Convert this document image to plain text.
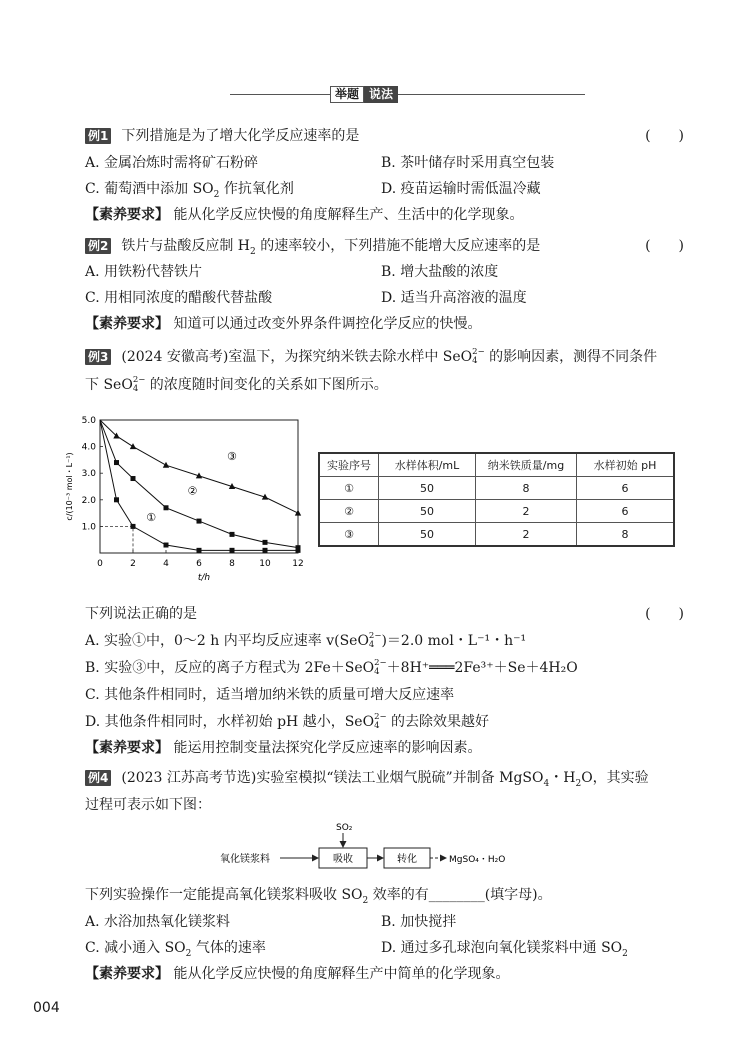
举题 说法
例1 下列措施是为了增大化学反应速率的是	(　　)
A. 金属冶炼时需将矿石粉碎	B. 茶叶储存时采用真空包装
C. 葡萄酒中添加 $SO_2$ 作抗氧化剂	D. 疫苗运输时需低温冷藏
【素养要求】 能从化学反应快慢的角度解释生产、生活中的化学现象。
例2 铁片与盐酸反应制 $H_2$ 的速率较小，下列措施不能增大反应速率的是	(　　)
A. 用铁粉代替铁片	B. 增大盐酸的浓度
C. 用相同浓度的醋酸代替盐酸	D. 适当升高溶液的温度
【素养要求】 知道可以通过改变外界条件调控化学反应的快慢。
例3 (2024 安徽高考)室温下，为探究纳米铁去除水样中 SeO2−
4 的影响因素，测得不同条件
下 SeO2−
4 的浓度随时间变化的关系如下图所示。
0	2	4	6	8	10 12
1.0
2.0
3.0
4.0
5.0
t/h
c/(10⁻³ mol・L⁻¹)	①
②
③
实验序号	水样体积/mL	纳米铁质量/mg	水样初始 pH
①	50	8	6
②	50	2	6
③	50	2	8
下列说法正确的是	(　　)
A. 实验①中，0～2 h 内平均反应速率 v(SeO2−
4 )＝2.0 mol・L⁻¹・h⁻¹
B. 实验③中，反应的离子方程式为 2Fe＋SeO2−
4 ＋8H⁺═══2Fe³⁺＋Se＋4H₂O
C. 其他条件相同时，适当增加纳米铁的质量可增大反应速率
D. 其他条件相同时，水样初始 pH 越小，SeO2−
4 的去除效果越好
【素养要求】 能运用控制变量法探究化学反应速率的影响因素。
例4 (2023 江苏高考节选)实验室模拟“镁法工业烟气脱硫”并制备 MgSO$_4$・$H_2O$，其实验
过程可表示如下图：
SO₂
氧化镁浆料	吸收	转化	MgSO₄・H₂O
下列实验操作一定能提高氧化镁浆料吸收 $SO_2$ 效率的有________(填字母)。
A. 水浴加热氧化镁浆料	B. 加快搅拌
C. 减小通入 $SO_2$ 气体的速率	D. 通过多孔球泡向氧化镁浆料中通 $SO_2$
【素养要求】 能从化学反应快慢的角度解释生产中简单的化学现象。
004
